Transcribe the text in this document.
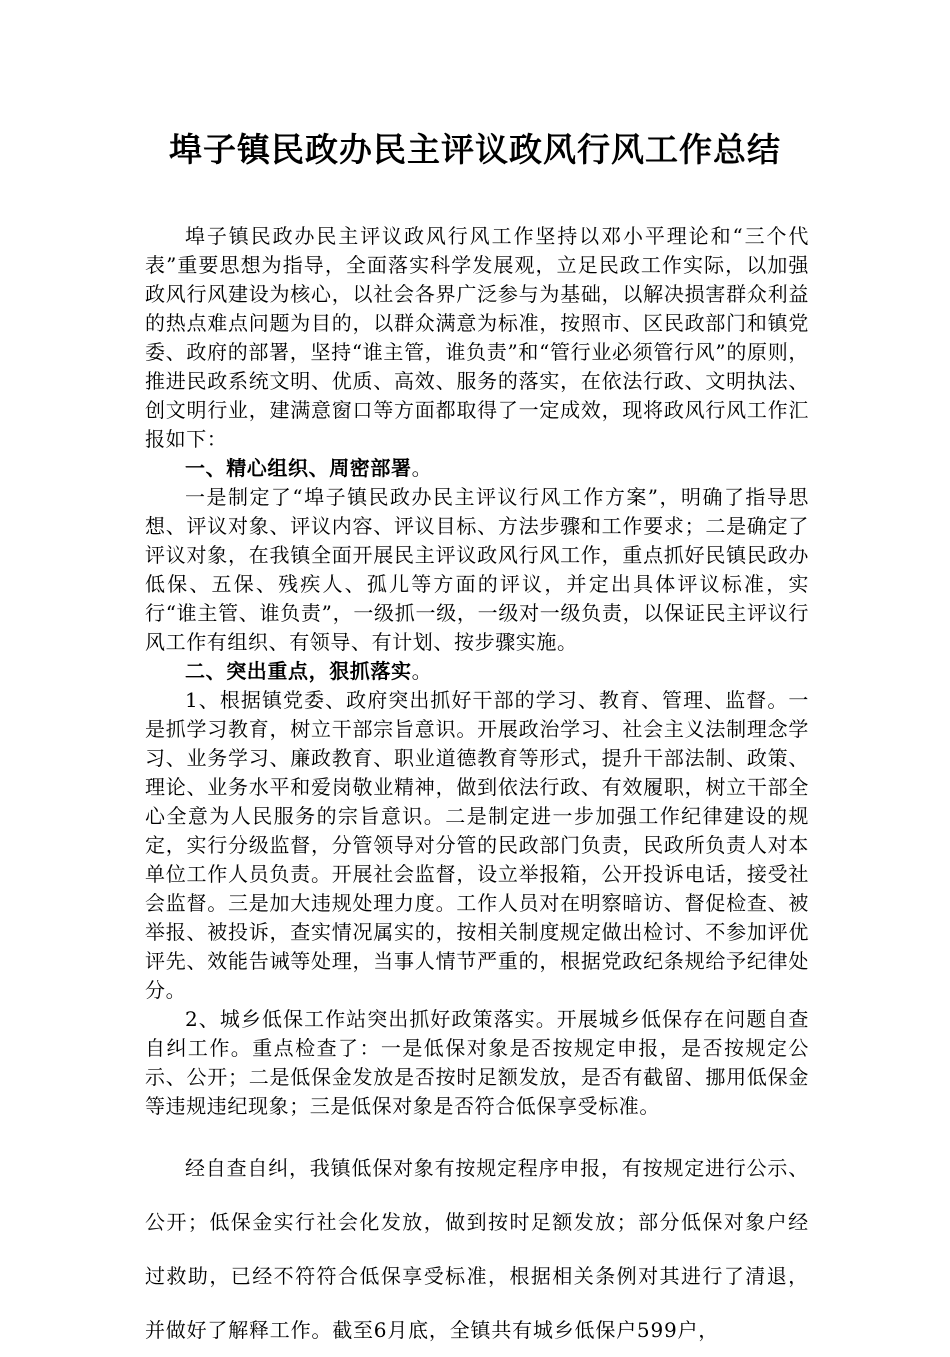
埠子镇民政办民主评议政风行风工作总结

埠子镇民政办民主评议政风行风工作坚持以邓小平理论和“三个代表”重要思想为指导，全面落实科学发展观，立足民政工作实际，以加强政风行风建设为核心，以社会各界广泛参与为基础，以解决损害群众利益的热点难点问题为目的，以群众满意为标准，按照市、区民政部门和镇党委、政府的部署，坚持“谁主管，谁负责”和“管行业必须管行风”的原则，推进民政系统文明、优质、高效、服务的落实，在依法行政、文明执法、创文明行业，建满意窗口等方面都取得了一定成效，现将政风行风工作汇报如下：

一、精心组织、周密部署。

一是制定了“埠子镇民政办民主评议行风工作方案”，明确了指导思想、评议对象、评议内容、评议目标、方法步骤和工作要求；二是确定了评议对象，在我镇全面开展民主评议政风行风工作，重点抓好民镇民政办低保、五保、残疾人、孤儿等方面的评议，并定出具体评议标准，实行“谁主管、谁负责”，一级抓一级，一级对一级负责，以保证民主评议行风工作有组织、有领导、有计划、按步骤实施。

二、突出重点，狠抓落实。

1、根据镇党委、政府突出抓好干部的学习、教育、管理、监督。一是抓学习教育，树立干部宗旨意识。开展政治学习、社会主义法制理念学习、业务学习、廉政教育、职业道德教育等形式，提升干部法制、政策、理论、业务水平和爱岗敬业精神，做到依法行政、有效履职，树立干部全心全意为人民服务的宗旨意识。二是制定进一步加强工作纪律建设的规定，实行分级监督，分管领导对分管的民政部门负责，民政所负责人对本单位工作人员负责。开展社会监督，设立举报箱，公开投诉电话，接受社会监督。三是加大违规处理力度。工作人员对在明察暗访、督促检查、被举报、被投诉，查实情况属实的，按相关制度规定做出检讨、不参加评优评先、效能告诫等处理，当事人情节严重的，根据党政纪条规给予纪律处分。

2、城乡低保工作站突出抓好政策落实。开展城乡低保存在问题自查自纠工作。重点检查了：一是低保对象是否按规定申报，是否按规定公示、公开；二是低保金发放是否按时足额发放，是否有截留、挪用低保金等违规违纪现象；三是低保对象是否符合低保享受标准。

经自查自纠，我镇低保对象有按规定程序申报，有按规定进行公示、公开；低保金实行社会化发放，做到按时足额发放；部分低保对象户经过救助，已经不符符合低保享受标准，根据相关条例对其进行了清退，并做好了解释工作。截至6月底，全镇共有城乡低保户599户，
